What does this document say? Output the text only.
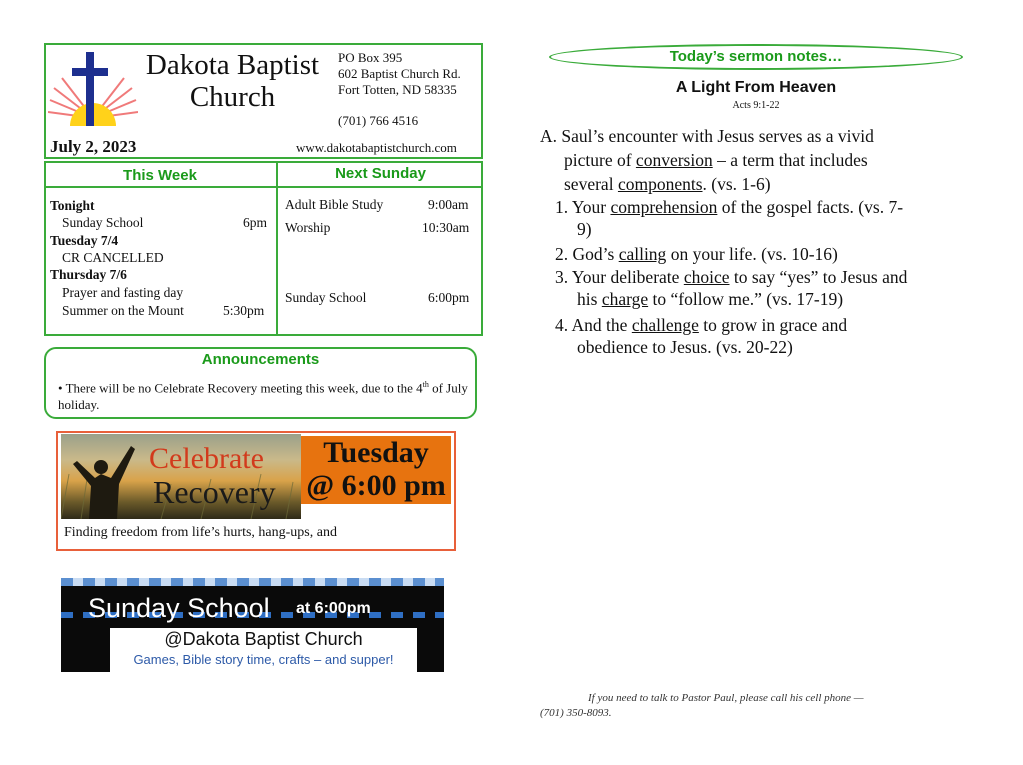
Dakota Baptist
Church
PO Box 395
602 Baptist Church Rd.
Fort Totten, ND 58335
(701) 766 4516
July 2, 2023	www.dakotabaptistchurch.com
This Week	Next Sunday
Tonight
Sunday School	6pm
Tuesday 7/4
CR CANCELLED
Thursday 7/6
Prayer and fasting day
Summer on the Mount	5:30pm
Adult Bible Study	9:00am
Worship	10:30am
Sunday School	6:00pm
Announcements
• There will be no Celebrate Recovery meeting this week, due to the 4th of July holiday.
Celebrate
Recovery
Tuesday
@ 6:00 pm
Finding freedom from life’s hurts, hang-ups, and
Sunday School at 6:00pm
@Dakota Baptist Church
Games, Bible story time, crafts – and supper!
Today’s sermon notes…
A Light From Heaven
Acts 9:1-22
A. Saul’s encounter with Jesus serves as a vivid
picture of conversion – a term that includes
several components. (vs. 1-6)
1. Your comprehension of the gospel facts. (vs. 7-
9)
2. God’s calling on your life. (vs. 10-16)
3. Your deliberate choice to say “yes” to Jesus and
his charge to “follow me.” (vs. 17-19)
4. And the challenge to grow in grace and
obedience to Jesus. (vs. 20-22)
If you need to talk to Pastor Paul, please call his cell phone —
(701) 350-8093.
